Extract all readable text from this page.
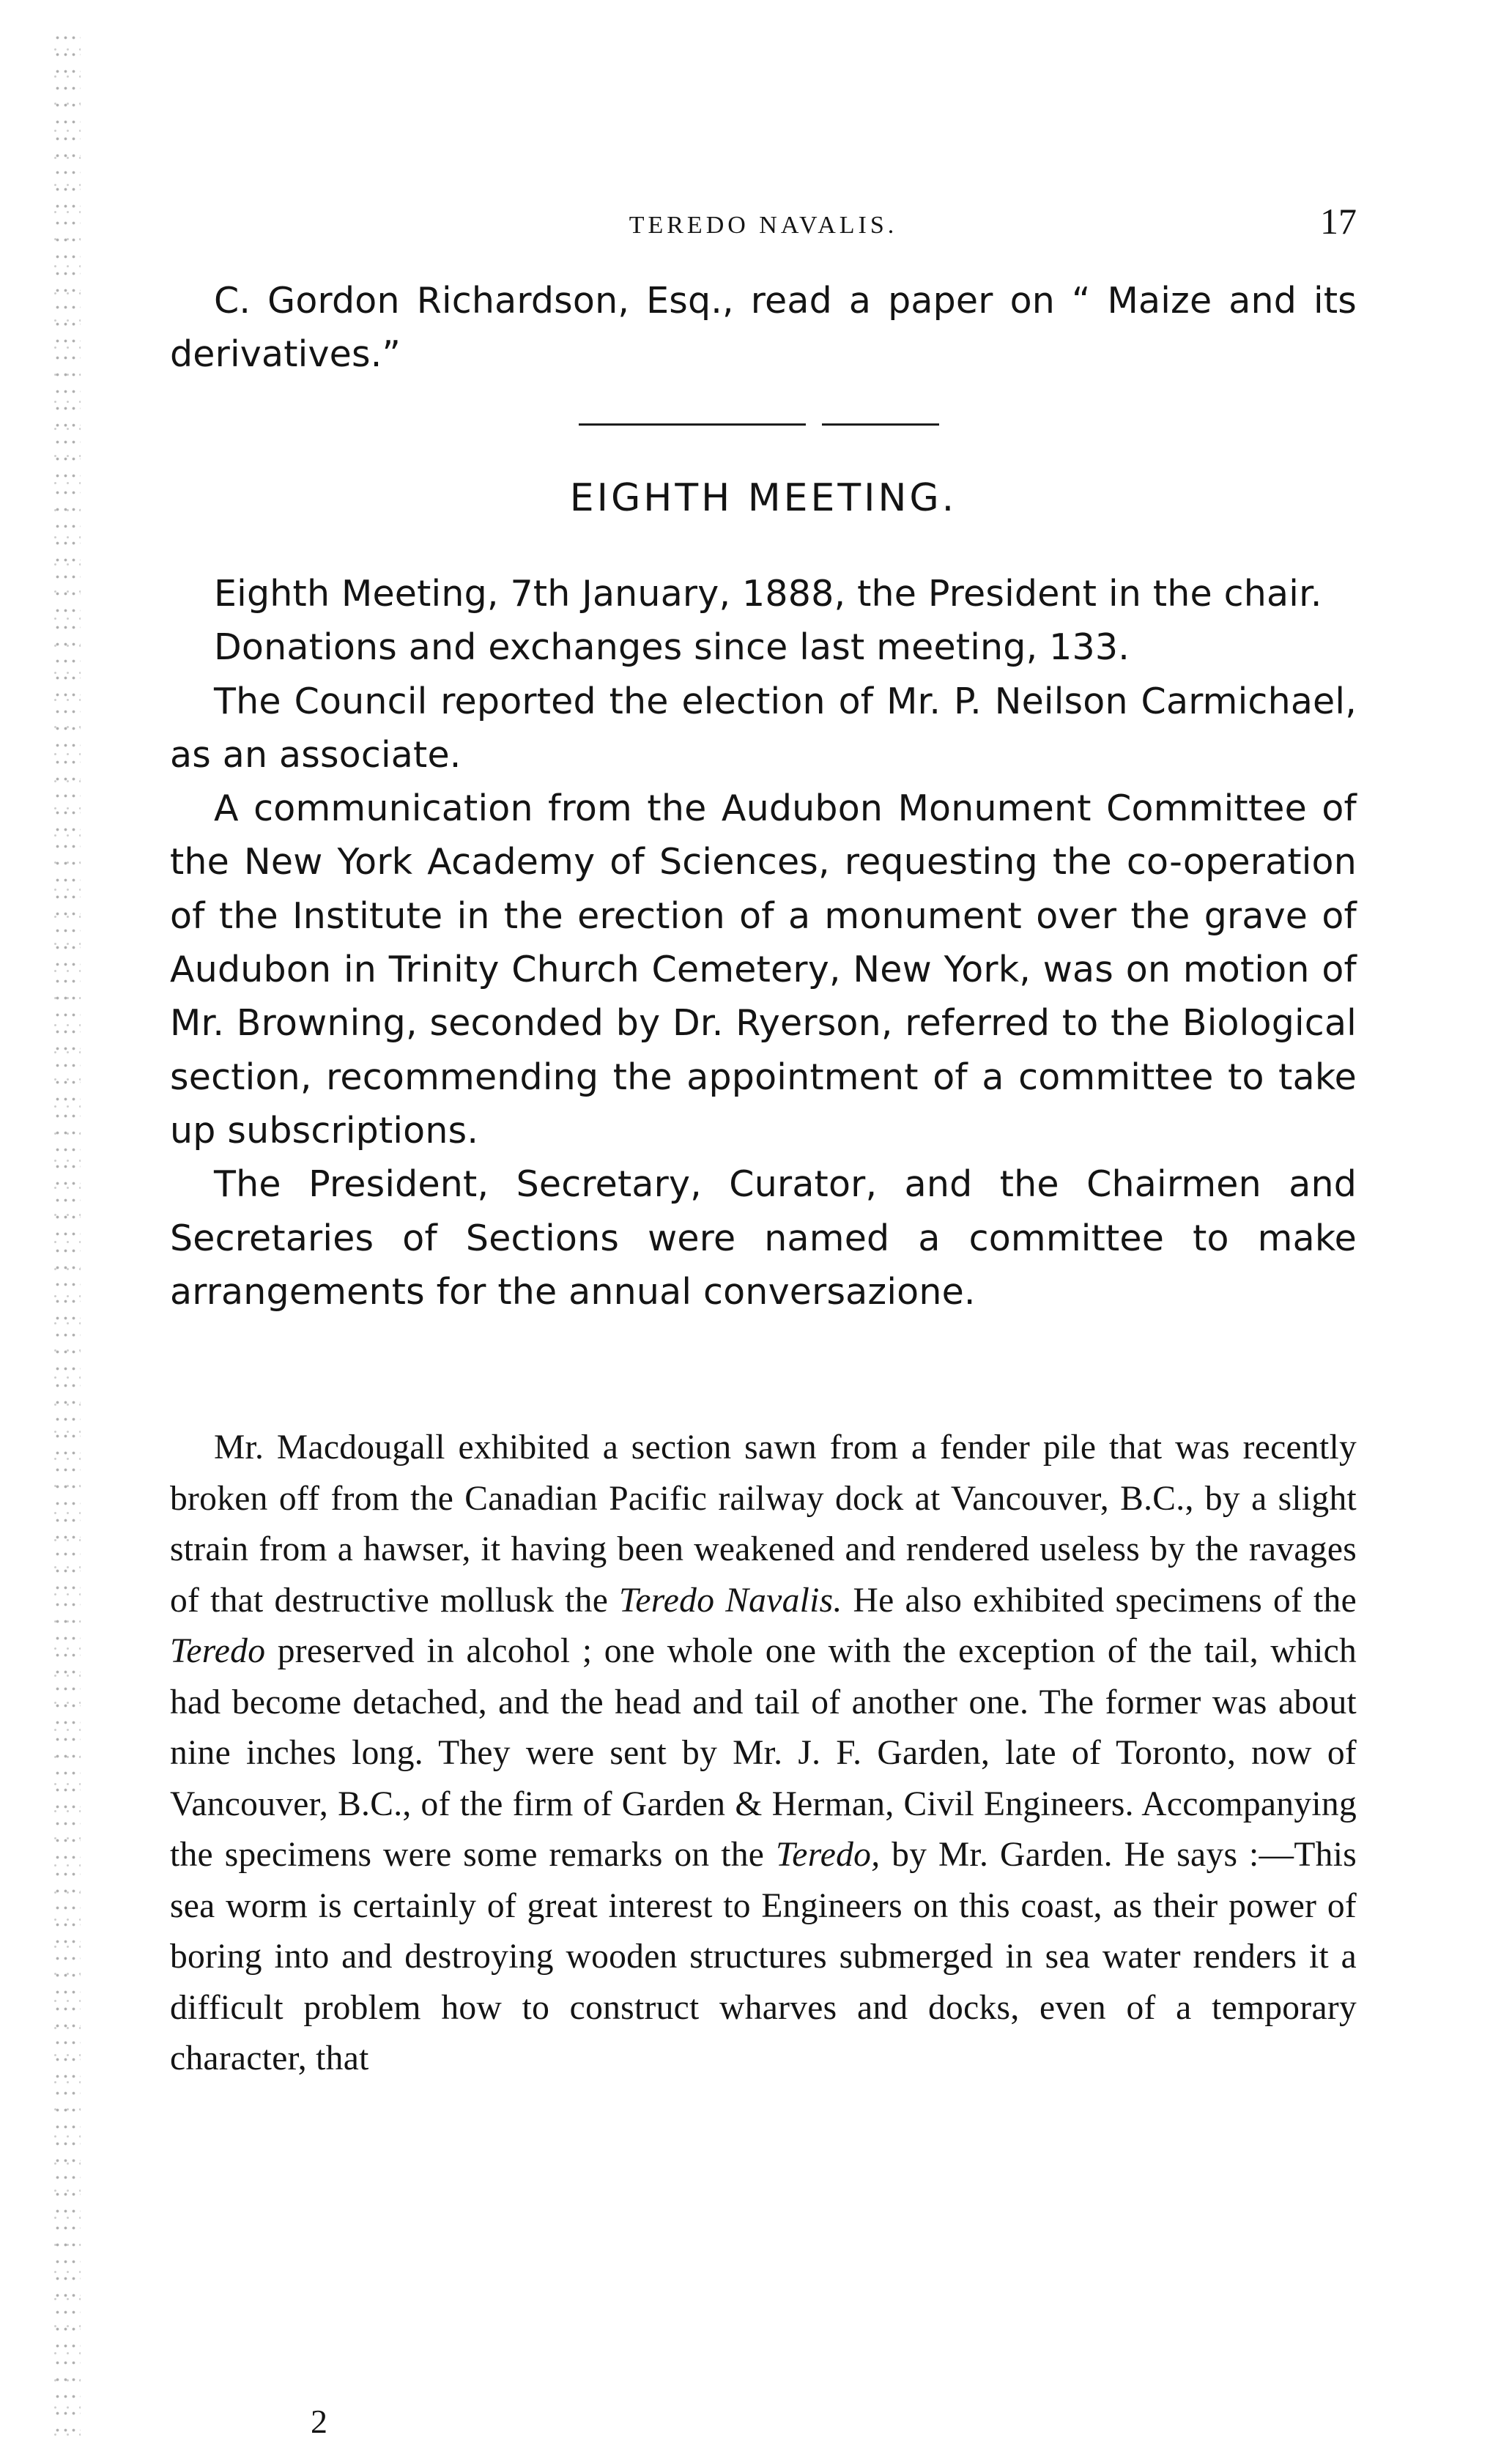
TEREDO NAVALIS.	17

C. Gordon Richardson, Esq., read a paper on “ Maize and its derivatives.”

EIGHTH MEETING.

Eighth Meeting, 7th January, 1888, the President in the chair.

Donations and exchanges since last meeting, 133.

The Council reported the election of Mr. P. Neilson Carmichael, as an associate.

A communication from the Audubon Monument Committee of the New York Academy of Sciences, requesting the co-operation of the Institute in the erection of a monument over the grave of Audubon in Trinity Church Cemetery, New York, was on motion of Mr. Browning, seconded by Dr. Ryerson, referred to the Biological section, recommending the appointment of a committee to take up subscriptions.

The President, Secretary, Curator, and the Chairmen and Secretaries of Sections were named a committee to make arrangements for the annual conversazione.

Mr. Macdougall exhibited a section sawn from a fender pile that was recently broken off from the Canadian Pacific railway dock at Vancouver, B.C., by a slight strain from a hawser, it having been weakened and rendered useless by the ravages of that destructive mollusk the Teredo Navalis. He also exhibited specimens of the Teredo preserved in alcohol ; one whole one with the exception of the tail, which had become detached, and the head and tail of another one. The former was about nine inches long. They were sent by Mr. J. F. Garden, late of Toronto, now of Vancouver, B.C., of the firm of Garden & Herman, Civil Engineers. Accompanying the specimens were some remarks on the Teredo, by Mr. Garden. He says :—This sea worm is certainly of great interest to Engineers on this coast, as their power of boring into and destroying wooden structures submerged in sea water renders it a difficult problem how to construct wharves and docks, even of a temporary character, that

2
